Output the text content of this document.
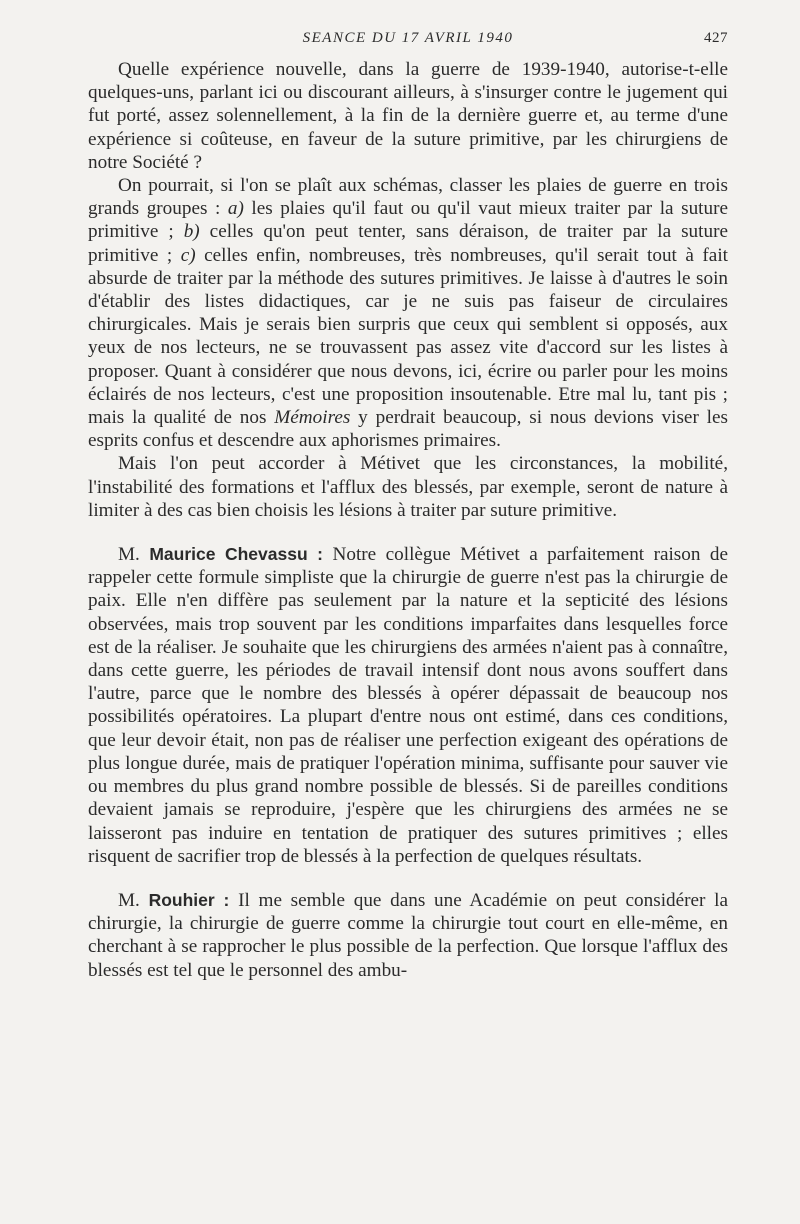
SEANCE DU 17 AVRIL 1940	427

Quelle expérience nouvelle, dans la guerre de 1939-1940, autorise-t-elle quelques-uns, parlant ici ou discourant ailleurs, à s'insurger contre le jugement qui fut porté, assez solennellement, à la fin de la dernière guerre et, au terme d'une expérience si coûteuse, en faveur de la suture primitive, par les chirurgiens de notre Société ?

On pourrait, si l'on se plaît aux schémas, classer les plaies de guerre en trois grands groupes : a) les plaies qu'il faut ou qu'il vaut mieux traiter par la suture primitive ; b) celles qu'on peut tenter, sans déraison, de traiter par la suture primitive ; c) celles enfin, nombreuses, très nombreuses, qu'il serait tout à fait absurde de traiter par la méthode des sutures primitives. Je laisse à d'autres le soin d'établir des listes didactiques, car je ne suis pas faiseur de circulaires chirurgicales. Mais je serais bien surpris que ceux qui semblent si opposés, aux yeux de nos lecteurs, ne se trouvassent pas assez vite d'accord sur les listes à proposer. Quant à considérer que nous devons, ici, écrire ou parler pour les moins éclairés de nos lecteurs, c'est une proposition insoutenable. Etre mal lu, tant pis ; mais la qualité de nos Mémoires y perdrait beaucoup, si nous devions viser les esprits confus et descendre aux aphorismes primaires.

Mais l'on peut accorder à Métivet que les circonstances, la mobilité, l'instabilité des formations et l'afflux des blessés, par exemple, seront de nature à limiter à des cas bien choisis les lésions à traiter par suture primitive.

M. Maurice Chevassu : Notre collègue Métivet a parfaitement raison de rappeler cette formule simpliste que la chirurgie de guerre n'est pas la chirurgie de paix. Elle n'en diffère pas seulement par la nature et la septicité des lésions observées, mais trop souvent par les conditions imparfaites dans lesquelles force est de la réaliser. Je souhaite que les chirurgiens des armées n'aient pas à connaître, dans cette guerre, les périodes de travail intensif dont nous avons souffert dans l'autre, parce que le nombre des blessés à opérer dépassait de beaucoup nos possibilités opératoires. La plupart d'entre nous ont estimé, dans ces conditions, que leur devoir était, non pas de réaliser une perfection exigeant des opérations de plus longue durée, mais de pratiquer l'opération minima, suffisante pour sauver vie ou membres du plus grand nombre possible de blessés. Si de pareilles conditions devaient jamais se reproduire, j'espère que les chirurgiens des armées ne se laisseront pas induire en tentation de pratiquer des sutures primitives ; elles risquent de sacrifier trop de blessés à la perfection de quelques résultats.

M. Rouhier : Il me semble que dans une Académie on peut considérer la chirurgie, la chirurgie de guerre comme la chirurgie tout court en elle-même, en cherchant à se rapprocher le plus possible de la perfection. Que lorsque l'afflux des blessés est tel que le personnel des ambu-
